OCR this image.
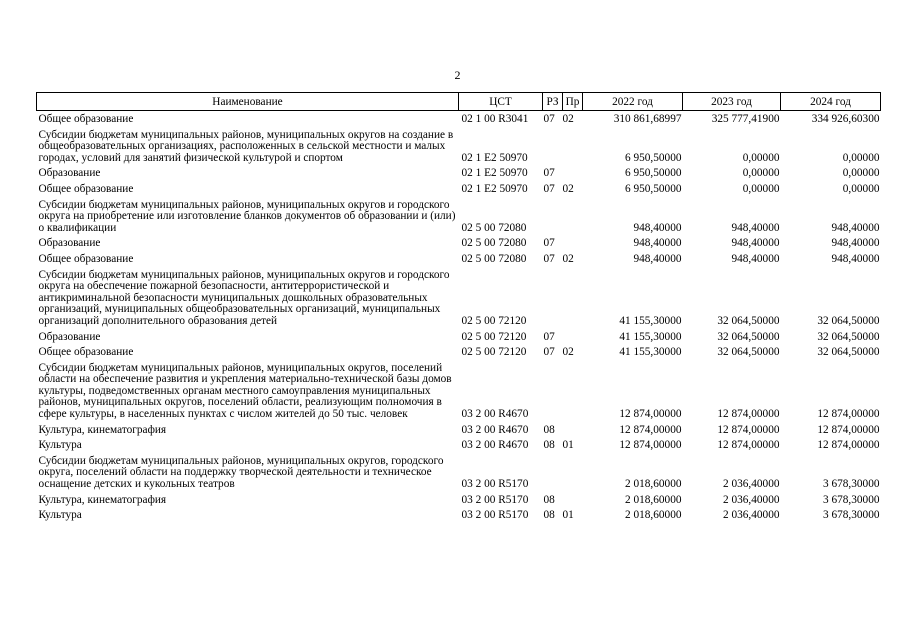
2
Наименование	ЦСТ	РЗ	Пр	2022 год	2023 год	2024 год
Общее образование	02 1 00 R3041	07	02	310 861,68997	325 777,41900	334 926,60300
Субсидии бюджетам муниципальных районов, муниципальных округов на создание в общеобразовательных организациях, расположенных в сельской местности и малых городах, условий для занятий физической культурой и спортом	02 1 E2 50970			6 950,50000	0,00000	0,00000
Образование	02 1 E2 50970	07		6 950,50000	0,00000	0,00000
Общее образование	02 1 E2 50970	07	02	6 950,50000	0,00000	0,00000
Субсидии бюджетам муниципальных районов, муниципальных округов и городского округа на приобретение или изготовление бланков документов об образовании и (или) о квалификации	02 5 00 72080			948,40000	948,40000	948,40000
Образование	02 5 00 72080	07		948,40000	948,40000	948,40000
Общее образование	02 5 00 72080	07	02	948,40000	948,40000	948,40000
Субсидии бюджетам муниципальных районов, муниципальных округов и городского округа на обеспечение пожарной безопасности, антитеррористической и антикриминальной безопасности муниципальных дошкольных образовательных организаций, муниципальных общеобразовательных организаций, муниципальных организаций дополнительного образования детей	02 5 00 72120			41 155,30000	32 064,50000	32 064,50000
Образование	02 5 00 72120	07		41 155,30000	32 064,50000	32 064,50000
Общее образование	02 5 00 72120	07	02	41 155,30000	32 064,50000	32 064,50000
Субсидии бюджетам муниципальных районов, муниципальных округов, поселений области на обеспечение развития и укрепления материально-технической базы домов культуры, подведомственных органам местного самоуправления муниципальных районов, муниципальных округов, поселений области, реализующим полномочия в сфере культуры, в населенных пунктах с числом жителей до 50 тыс. человек	03 2 00 R4670			12 874,00000	12 874,00000	12 874,00000
Культура, кинематография	03 2 00 R4670	08		12 874,00000	12 874,00000	12 874,00000
Культура	03 2 00 R4670	08	01	12 874,00000	12 874,00000	12 874,00000
Субсидии бюджетам муниципальных районов, муниципальных округов, городского округа, поселений области на поддержку творческой деятельности и техническое оснащение детских и кукольных театров	03 2 00 R5170			2 018,60000	2 036,40000	3 678,30000
Культура, кинематография	03 2 00 R5170	08		2 018,60000	2 036,40000	3 678,30000
Культура	03 2 00 R5170	08	01	2 018,60000	2 036,40000	3 678,30000
